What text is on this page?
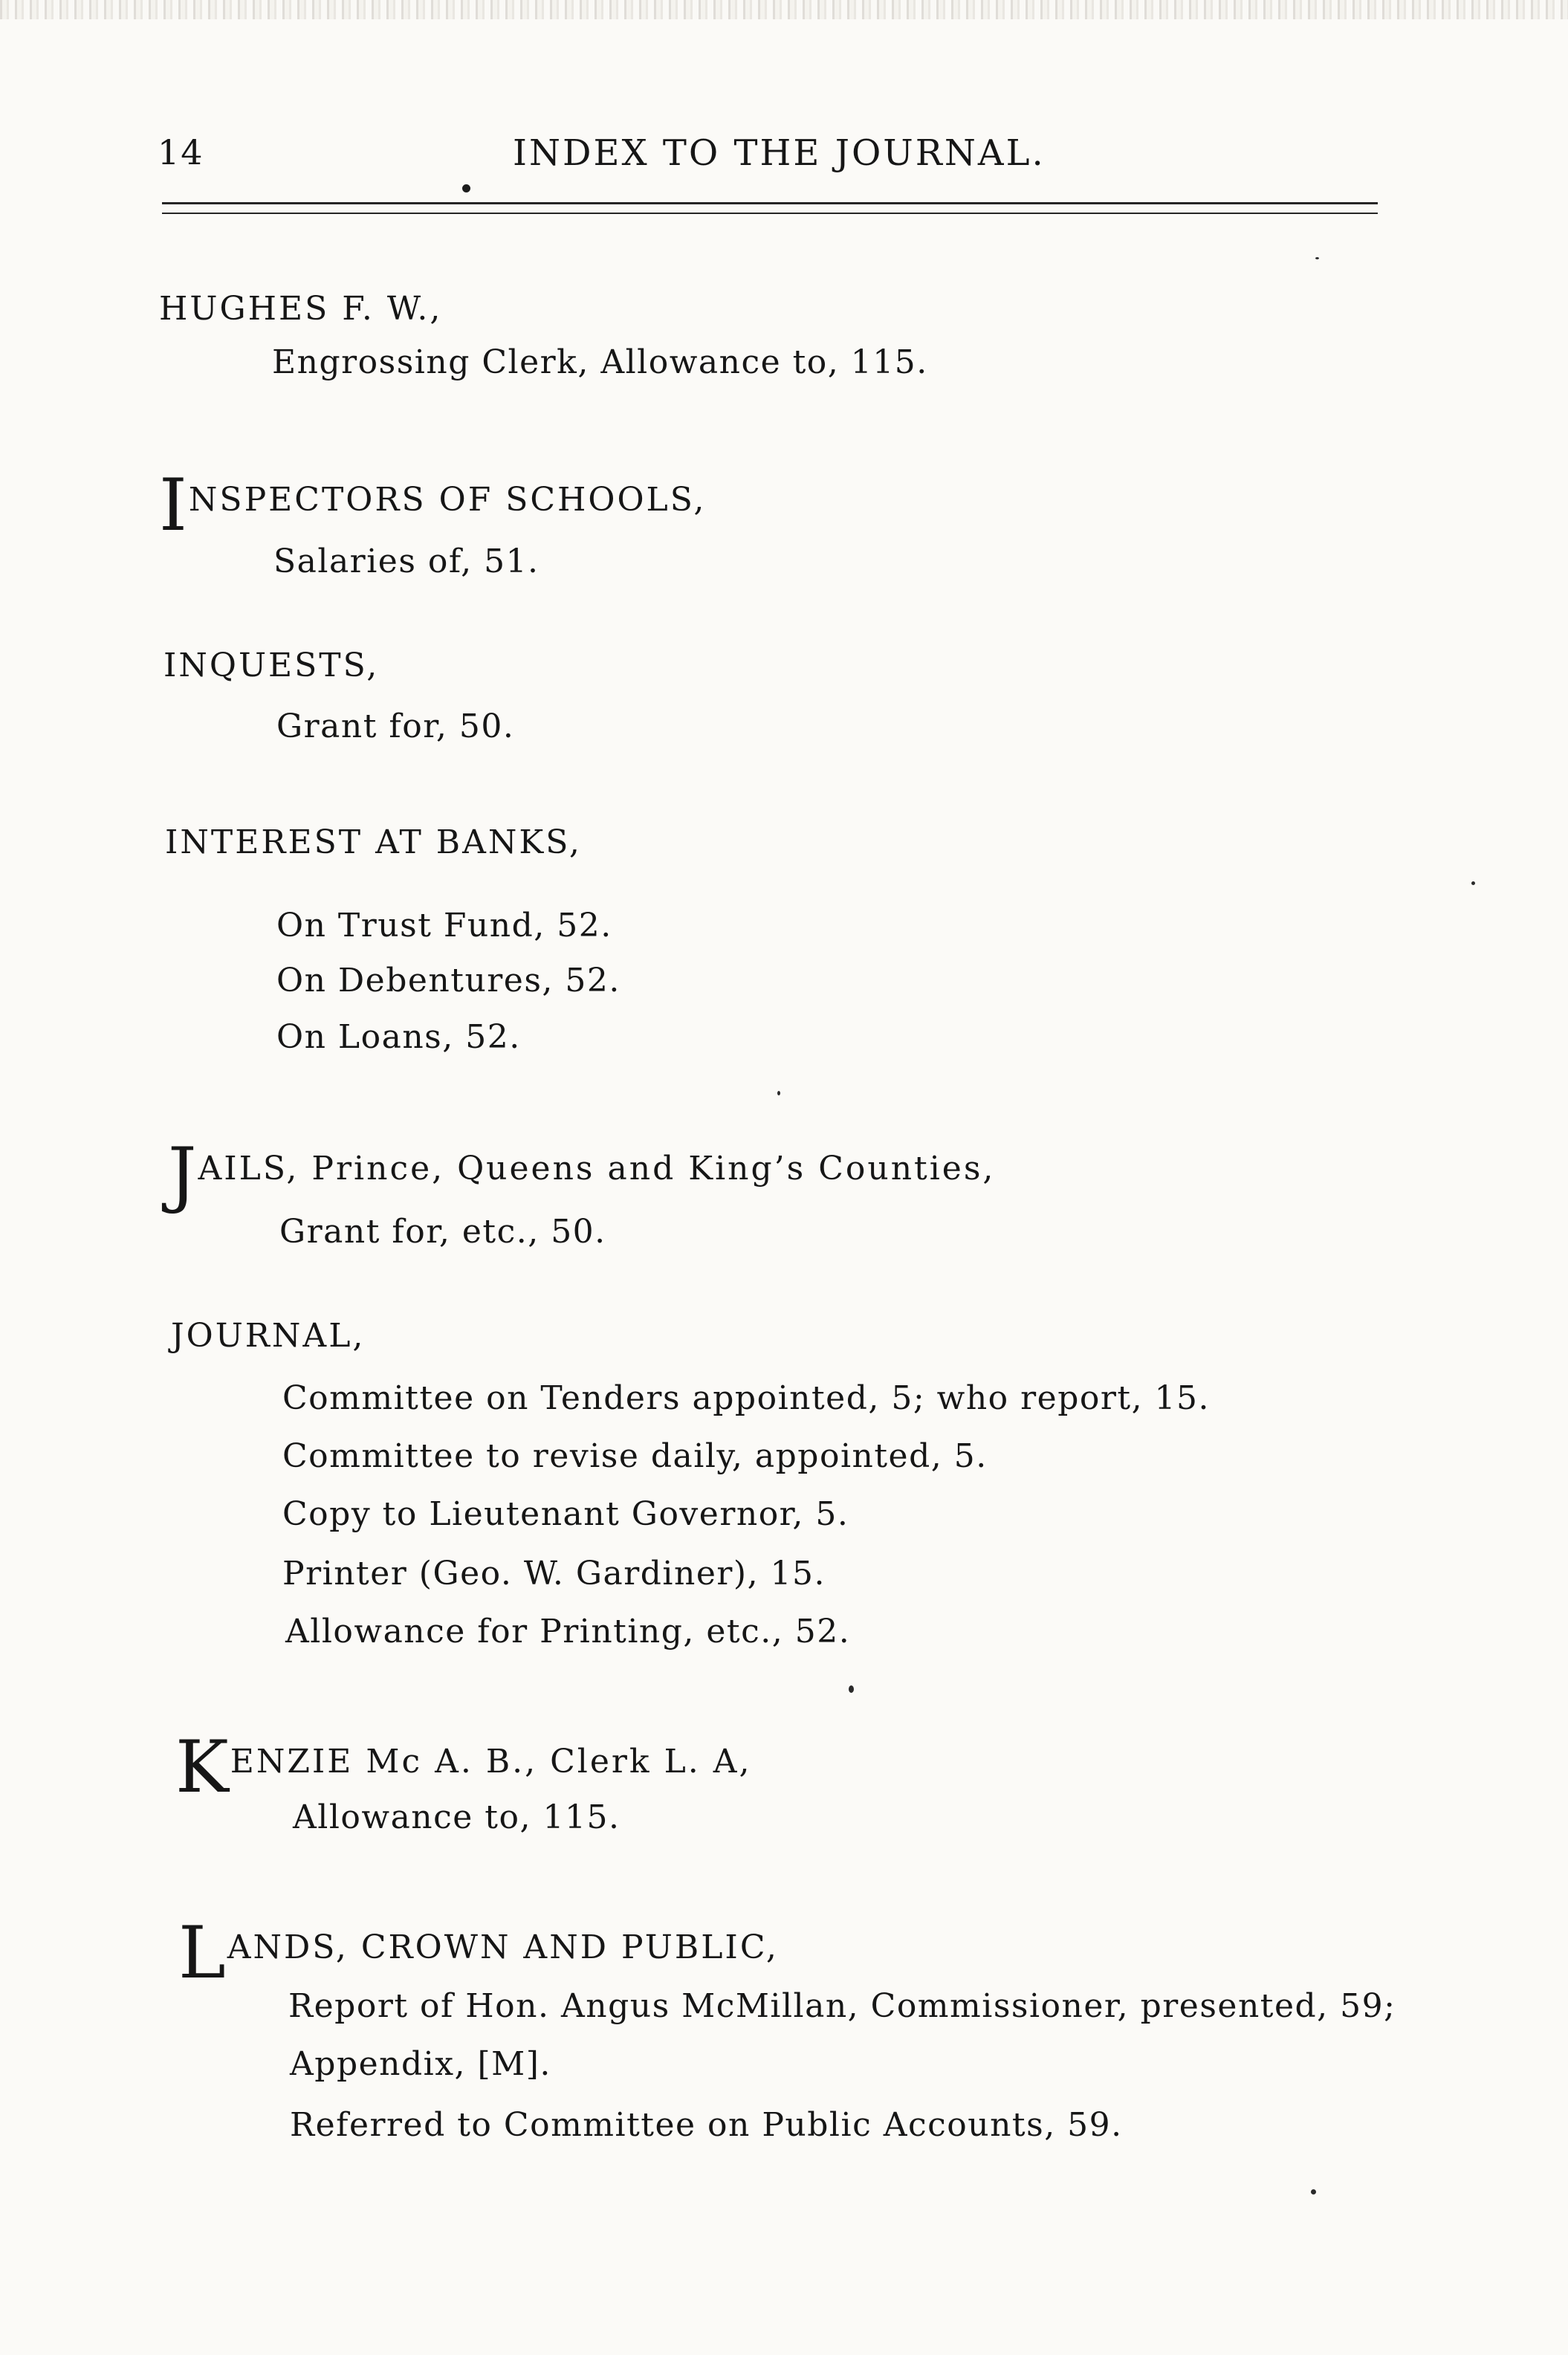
14	INDEX TO THE JOURNAL.
HUGHES F. W.,
Engrossing Clerk, Allowance to, 115.
INSPECTORS OF SCHOOLS,
Salaries of, 51.
INQUESTS,
Grant for, 50.
INTEREST AT BANKS,
On Trust Fund, 52.
On Debentures, 52.
On Loans, 52.
JAILS, Prince, Queens and King’s Counties,
Grant for, etc., 50.
JOURNAL,
Committee on Tenders appointed, 5; who report, 15.
Committee to revise daily, appointed, 5.
Copy to Lieutenant Governor, 5.
Printer (Geo. W. Gardiner), 15.
Allowance for Printing, etc., 52.
KENZIE Mc A. B., Clerk L. A,
Allowance to, 115.
LANDS, CROWN AND PUBLIC,
Report of Hon. Angus McMillan, Commissioner, presented, 59;
Appendix, [M].
Referred to Committee on Public Accounts, 59.
